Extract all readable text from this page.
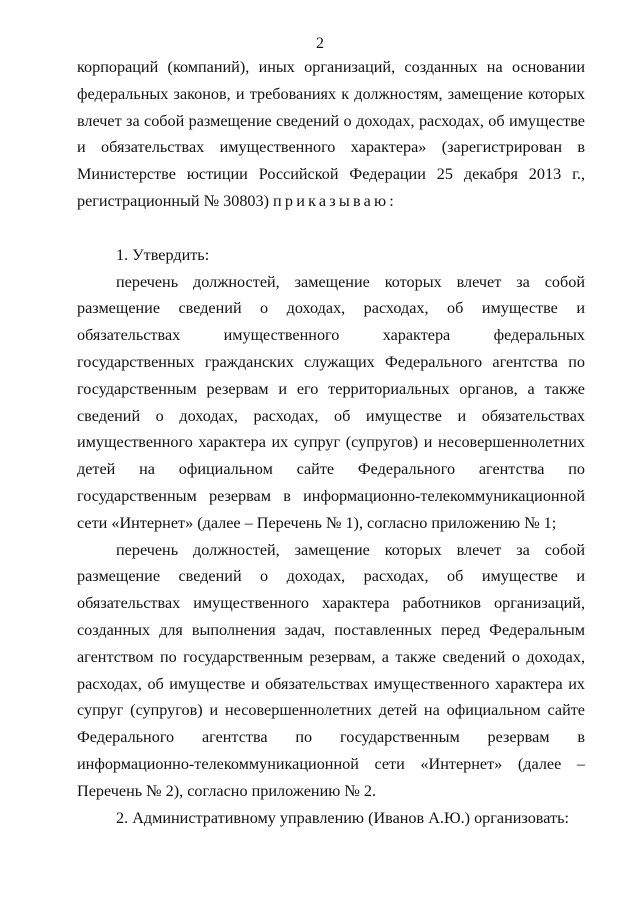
2

корпораций (компаний), иных организаций, созданных на основании федеральных законов, и требованиях к должностям, замещение которых влечет за собой размещение сведений о доходах, расходах, об имуществе и обязательствах имущественного характера» (зарегистрирован в Министерстве юстиции Российской Федерации 25 декабря 2013 г., регистрационный № 30803) приказываю:

1. Утвердить:

перечень должностей, замещение которых влечет за собой размещение сведений о доходах, расходах, об имуществе и обязательствах имущественного характера федеральных государственных гражданских служащих Федерального агентства по государственным резервам и его территориальных органов, а также сведений о доходах, расходах, об имуществе и обязательствах имущественного характера их супруг (супругов) и несовершеннолетних детей на официальном сайте Федерального агентства по государственным резервам в информационно-телекоммуникационной сети «Интернет» (далее – Перечень № 1), согласно приложению № 1;

перечень должностей, замещение которых влечет за собой размещение сведений о доходах, расходах, об имуществе и обязательствах имущественного характера работников организаций, созданных для выполнения задач, поставленных перед Федеральным агентством по государственным резервам, а также сведений о доходах, расходах, об имуществе и обязательствах имущественного характера их супруг (супругов) и несовершеннолетних детей на официальном сайте Федерального агентства по государственным резервам в информационно-телекоммуникационной сети «Интернет» (далее – Перечень № 2), согласно приложению № 2.

2. Административному управлению (Иванов А.Ю.) организовать:
